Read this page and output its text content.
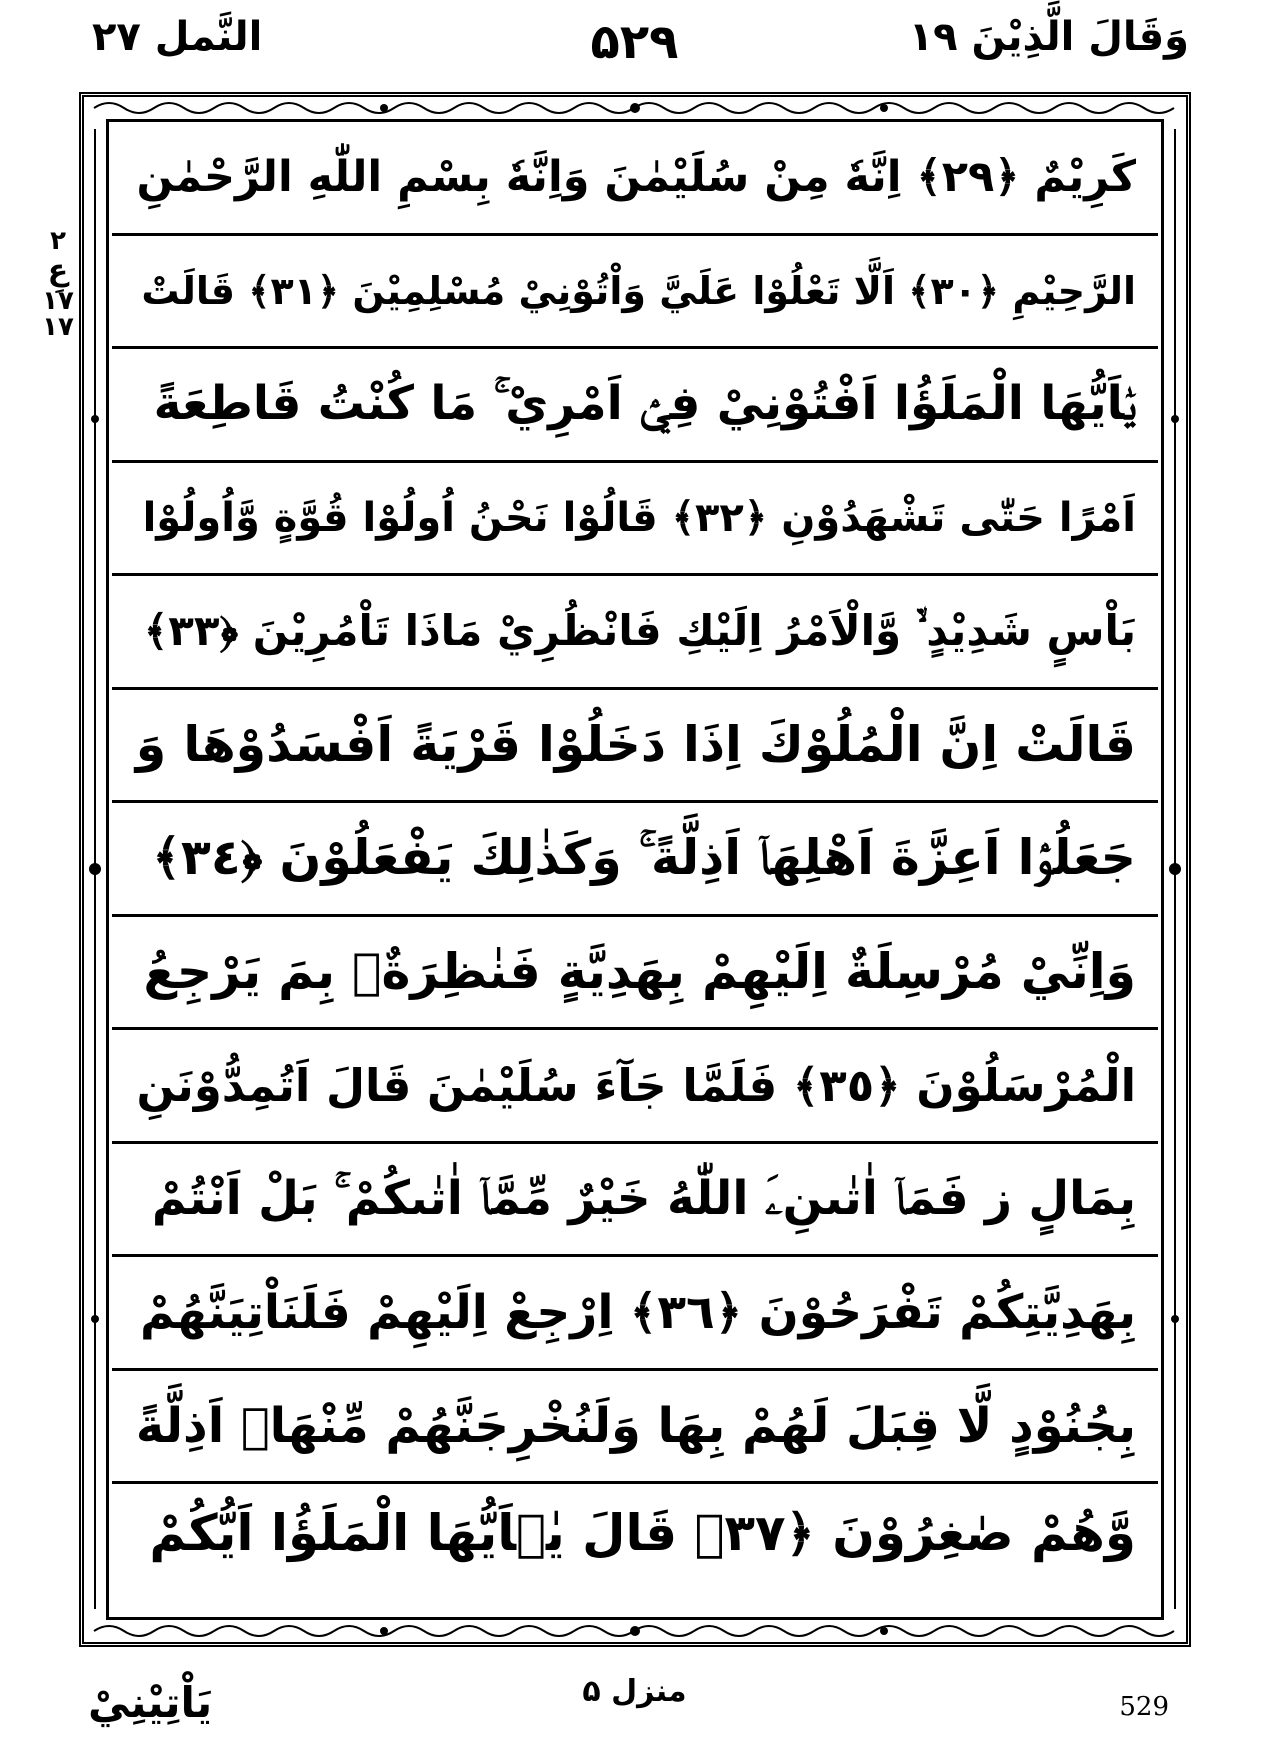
النَّمل ٢٧	۵۲۹	وَقَالَ الَّذِيْنَ ١٩
٢
عِ
١٧
١٧
كَرِيْمٌ ﴿٢٩﴾ اِنَّهٗ مِنْ سُلَيْمٰنَ وَاِنَّهٗ بِسْمِ اللّٰهِ الرَّحْمٰنِ
الرَّحِيْمِ ﴿٣٠﴾ اَلَّا تَعْلُوْا عَلَيَّ وَاْتُوْنِيْ مُسْلِمِيْنَ ﴿٣١﴾ قَالَتْ
يٰۤاَيُّهَا الْمَلَؤُا اَفْتُوْنِيْ فِيْۤ اَمْرِيْ ۚ مَا كُنْتُ قَاطِعَةً
اَمْرًا حَتّٰى تَشْهَدُوْنِ ﴿٣٢﴾ قَالُوْا نَحْنُ اُولُوْا قُوَّةٍ وَّاُولُوْا
بَاْسٍ شَدِيْدٍ ۙ۬ وَّالْاَمْرُ اِلَيْكِ فَانْظُرِيْ مَاذَا تَاْمُرِيْنَ ﴿٣٣﴾
قَالَتْ اِنَّ الْمُلُوْكَ اِذَا دَخَلُوْا قَرْيَةً اَفْسَدُوْهَا وَ
جَعَلُوْۤا اَعِزَّةَ اَهْلِهَاۤ اَذِلَّةً ۚ وَكَذٰلِكَ يَفْعَلُوْنَ ﴿٣٤﴾
وَاِنِّيْ مُرْسِلَةٌ اِلَيْهِمْ بِهَدِيَّةٍ فَنٰظِرَةٌۢ بِمَ يَرْجِعُ
الْمُرْسَلُوْنَ ﴿٣٥﴾ فَلَمَّا جَآءَ سُلَيْمٰنَ قَالَ اَتُمِدُّوْنَنِ
بِمَالٍ ز فَمَاۤ اٰتٰىنِۦَ اللّٰهُ خَيْرٌ مِّمَّاۤ اٰتٰىكُمْ ۚ بَلْ اَنْتُمْ
بِهَدِيَّتِكُمْ تَفْرَحُوْنَ ﴿٣٦﴾ اِرْجِعْ اِلَيْهِمْ فَلَنَاْتِيَنَّهُمْ
بِجُنُوْدٍ لَّا قِبَلَ لَهُمْ بِهَا وَلَنُخْرِجَنَّهُمْ مِّنْهَاۤ اَذِلَّةً
وَّهُمْ صٰغِرُوْنَ ﴿٣٧﴾ قَالَ يٰۤاَيُّهَا الْمَلَؤُا اَيُّكُمْ
يَاْتِيْنِيْ	منزل ۵	529
